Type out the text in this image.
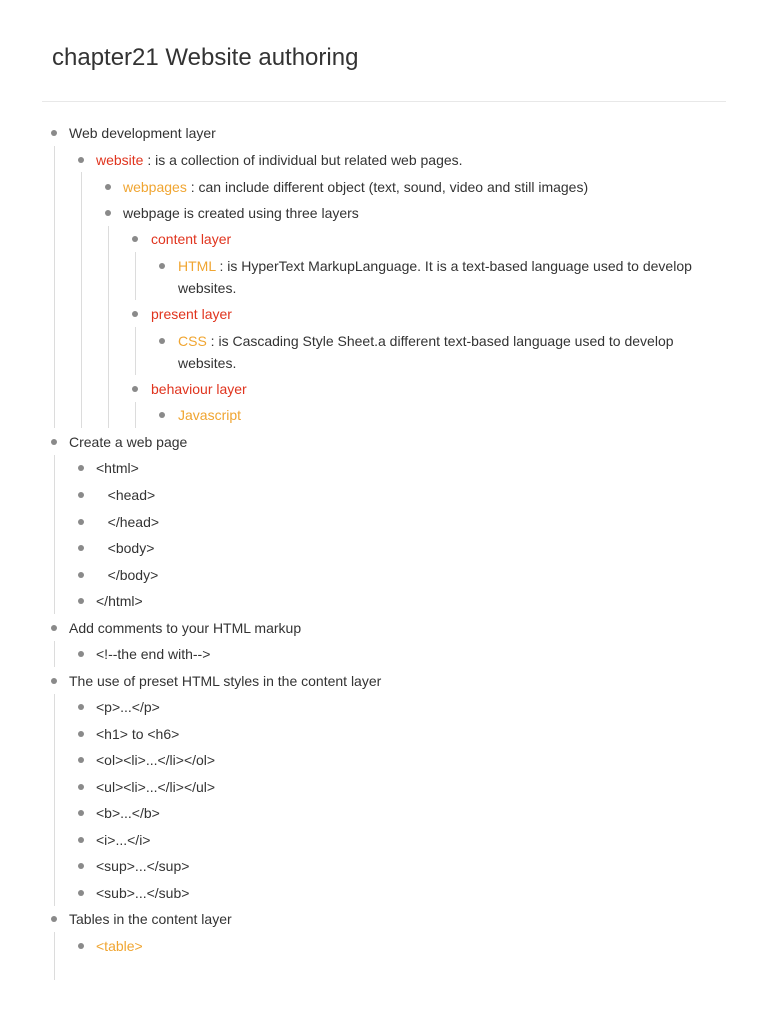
chapter21 Website authoring
Web development layer
website : is a collection of individual but related web pages.
webpages : can include different object (text, sound, video and still images)
webpage is created using three layers
content layer
HTML : is HyperText MarkupLanguage. It is a text-based language used to develop websites.
present layer
CSS : is Cascading Style Sheet.a different text-based language used to develop websites.
behaviour layer
Javascript
Create a web page
<html>
<head>
</head>
<body>
</body>
</html>
Add comments to your HTML markup
<!--the end with-->
The use of preset HTML styles in the content layer
<p>...</p>
<h1> to <h6>
<ol><li>...</li></ol>
<ul><li>...</li></ul>
<b>...</b>
<i>...</i>
<sup>...</sup>
<sub>...</sub>
Tables in the content layer
<table>
